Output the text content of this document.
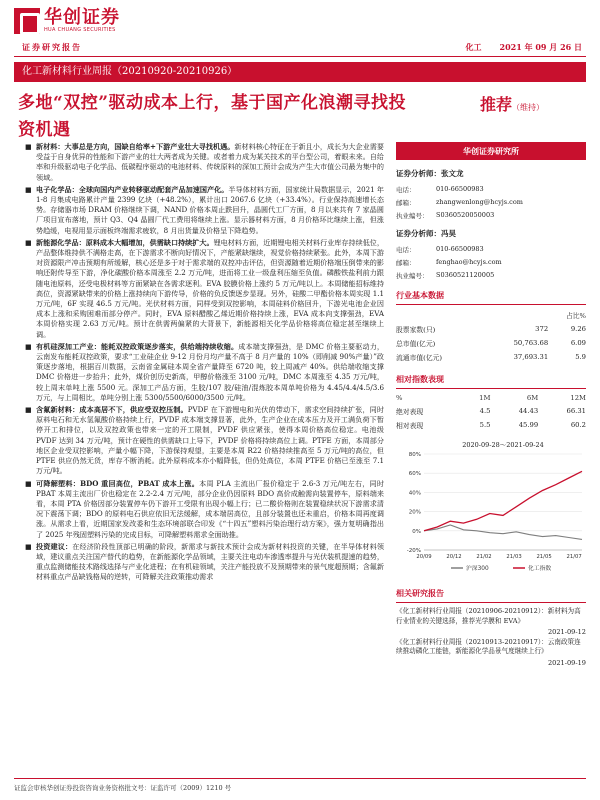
华创证券
HUA CHUANG SECURITIES
证券研究报告	化工 2021 年 09 月 26 日
化工新材料行业周报（20210920-20210926）
多地“双控”驱动成本上行，基于国产化浪潮寻找投资机遇
推荐（维持）

■ 新材料：大事总是方向，国缺自给率+下游产业壮大寻找机遇。新材料核心特征在于新且小，成长为大企业需要受益于自身优异的性能和下游产业的壮大两者成为关键。或者着力成为某关技术的平台型公司，着眼未来。自给率和升级驱动电子化学品、低碳程序驱动的电池材料、传统原料的深加工预计会成为产生大市值公司最为集中的领域。

■ 电子化学品：全球向国内产业转移驱动配套产品加速国产化。半导体材料方面，国家统计局数据显示，2021 年 1-8 月集成电路累计产量 2399 亿块（+48.2%），累计出口 2067.6 亿块（+33.4%）。行业保持高速增长态势。存储器市场 DRAM 价格继续下调，NAND 价格本周止跌回升，晶圆代工厂方面，8 月以来共有 7 家晶圆厂项目宣布落地，预计 Q3、Q4 晶圆厂代工费用将继续上涨。显示器材料方面，8 月价格环比继续上涨，但涨势趋缓，电视用显示面板终端需求疲软，8 月出货量及价格呈下降趋势。

■ 新能源化学品：原料成本大幅增加，供需缺口持续扩大。锂电材料方面，近期锂电相关材料行业库存持续低位，产品整体维持供不满格走高，在下游需求不断向好情况下，产能紧缺继续，视觉价格持续紧张。此外，本周下游对资源限产冲击预期有所缓解，核心还是多于对于需求端的双控冲击评估，但资源随着近期价格端压倒带来的影响还附传导至下游，净化碳酸价格本周涨至 2.2 万元/吨，进而将工业一级盘利压缩至负值。磷酸铁盐利前力跟随电池原料，还受电极材料等方面紧缺在各需求逐利。EVA 胶膜价格上涨约 5 万元/吨以上。本周储能招标维持高位，资源紧缺带来的价格上涨持续向下游传导，价格的负反馈逐步显现。另外，硅酸二甲酯价格本周实现 1.1 万元/吨，6F 实现 46.5 万元/吨。光伏材料方面，同样受到双控影响，本周硅料价格回升，下游光电池企业因成本上涨和采购困难而部分停产。同时，EVA 原料醋酸乙烯近期价格持续上涨，EVA 成本向支撑强劲，EVA 本周价格实现 2.63 万元/吨。预计在供需两偏紧的大背景下，新能源相关化学品价格将高位稳定甚至继续上调。

■ 有机硅深加工产业：能耗双控政策逐步落实，供给端持续收缩。成本端支撑强劲，是 DMC 价格主要驱动力，云南发布能耗双控政策，要求“工业硅企业 9-12 月份月均产量不高于 8 月产量的 10%（即削减 90%产量）”政策逐步落地，根据百川数据，云南省金属硅本周全省产量降至 6720 吨，较上周减产 40%。供给端收缩支撑 DMC 价格进一步抬升；此外，煤价创历史新高，甲醇价格涨至 3100 元/吨，DMC 本周涨至 4.35 万元/吨，较上周末单吨上涨 5500 元。深加工产品方面，生胶/107 胶/硅油/混炼胶本周单吨价格为 4.45/4.4/4.5/3.6 万元，与上周相比，单吨分别上涨 5300/5500/6000/3500 元/吨。

■ 含氟新材料：成本高居不下，供应受双控压制。PVDF 在下游锂电和光伏的带动下，需求空间持续扩张，同时原料电石和无水氢氟酸价格持续上行，PVDF 成本端支撑显著，此外，生产企业在成本压力及开工满负荷下暂停开工和排位，以及双控政策也带来一定的开工限制，PVDF 供应紧张，使得本周价格高位稳定。电池级 PVDF 达到 34 万元/吨，预计在硬性的供需缺口上导下，PVDF 价格将持续高位上调。PTFE 方面，本周部分地区企业受双控影响，产量小幅下降，下游保持观望，主要是本周 R22 价格持续推高至 5 万元/吨的高位，但 PTFE 供应仍然无货，库存不断消耗。此外原料成本亦小幅降低，但仍处高位，本周 PTFE 价格已至涨至 7.1 万元/吨。

■ 可降解塑料：BDO 重回高位，PBAT 成本上涨。本周 PLA 主流出厂报价稳定于 2.6-3 万元/吨左右，同时 PBAT 本周主流出厂价也稳定在 2.2-2.4 万元/吨，部分企业仍因原料 BDO 高价成触需向装置停车，原料端来看，本周 PTA 价格因部分装置停车仍下游开工受限有出现小幅上行；已二酸价格则在装置稳续状况下游需求清况下震荡下调；BDO 的原料电石供应依旧无法缓解，成本端居高位，且部分装置也还未重启，价格本周再度调涨。从需求上看，近期国家发改委和生态环境部联合印发《“十四五”塑料污染治理行动方案》，强力复明确指出了 2025 年残固塑料污染的完成目标，可降解塑料需求全面助推。

■ 投资建议：在经济阶段性顶部已明确的阶段，新需求与新技术预计会成为新材料投资的关键，在半导体材料领域，建议重点关注国产替代的趋势，在新能源化学品领域，主要关注电动车渗透率提升与光伏装机提速的趋势，重点监测储能技术路线选择与产业化进程；在有机硅领域，关注产能投放不及预期带来的景气度超预期；含氟新材料重点产品缺钱格局的逆转，可降解关注政策推动需求

华创证券研究所
证券分析师：张文龙
电话：	010-66500983
邮箱：	zhangwenlong@hcyjs.com
执业编号：	S0360520050003
证券分析师：冯昊
电话：	010-66500983
邮箱：	fenghao@hcyjs.com
执业编号：	S0360521120005
行业基本数据
		占比%
股票家数(只)	372	9.26
总市值(亿元)	50,763.68	6.09
流通市值(亿元)	37,693.31	5.9
相对指数表现
%	1M	6M	12M
绝对表现	4.5	44.43	66.31
相对表现	5.5	45.99	60.2
2020-09-28～2021-09-24
80%
60%
40%
20%
0%
-20%
20/09	20/12	21/02	21/03	21/05	21/07
沪深300	化工指数
相关研究报告
《化工新材料行业周报（20210906-20210912）：新材料为高行业情业的关键选择，推荐光学膜和 EVA》
2021-09-12
《化工新材料行业周报（20210913-20210917）：云南政策连续推动磷化工能链，新能源化学品景气度继续上行》
2021-09-19
证监会审核华创证券投资咨询业务资格批文号：证监许可（2009）1210 号
